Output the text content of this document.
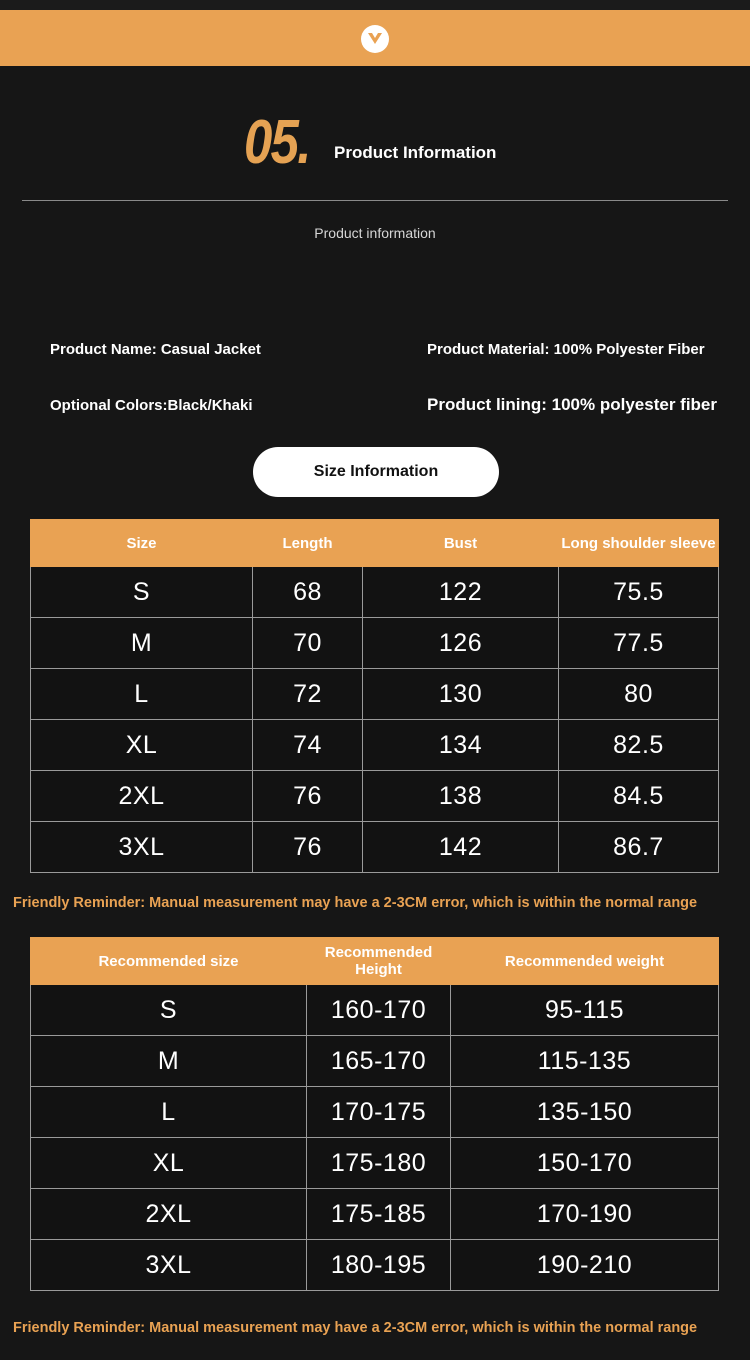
05. Product Information
Product information
Product Name: Casual Jacket	Product Material: 100% Polyester Fiber
Optional Colors:Black/Khaki	Product lining: 100% polyester fiber
Size Information
Size	Length	Bust	Long shoulder sleeve
S	68	122	75.5
M	70	126	77.5
L	72	130	80
XL	74	134	82.5
2XL	76	138	84.5
3XL	76	142	86.7
Friendly Reminder: Manual measurement may have a 2-3CM error, which is within the normal range
Recommended size	Recommended Height	Recommended weight
S	160-170	95-115
M	165-170	115-135
L	170-175	135-150
XL	175-180	150-170
2XL	175-185	170-190
3XL	180-195	190-210
Friendly Reminder: Manual measurement may have a 2-3CM error, which is within the normal range
